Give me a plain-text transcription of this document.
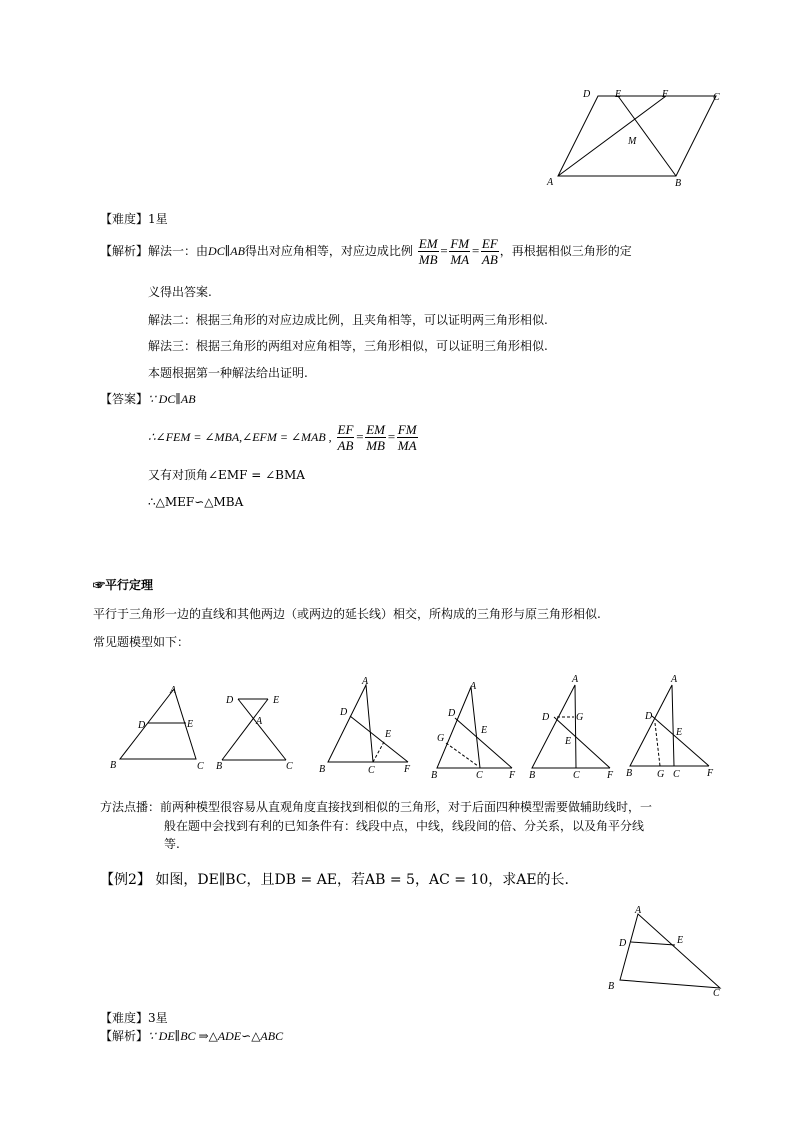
D E	F	C
M
A	B
【难度】1星
【解析】解法一：由DC∥AB得出对应角相等，对应边成比例 $\frac{EM}{MB} = \frac{FM}{MA} = \frac{EF}{AB}$ ，再根据相似三角形的定
义得出答案.
解法二：根据三角形的对应边成比例，且夹角相等，可以证明两三角形相似.
解法三：根据三角形的两组对应角相等，三角形相似，可以证明三角形相似.
本题根据第一种解法给出证明.
【答案】∵ DC∥AB
∴∠FEM = ∠MBA,∠EFM = ∠MAB , $\frac{EF}{AB} = \frac{EM}{MB} = \frac{FM}{MA}$
又有对顶角∠EMF = ∠BMA
∴△MEF∽△MBA
☞平行定理
平行于三角形一边的直线和其他两边（或两边的延长线）相交，所构成的三角形与原三角形相似.
常见题模型如下：
A
D	E
B	C
D	E
A
B	C
A
D
E
B	C	F
A
D
E
G
B	C	F
A
D	G
E
B	C	F
A
D
E
B G C	F
方法点播：前两种模型很容易从直观角度直接找到相似的三角形，对于后面四种模型需要做辅助线时，一
般在题中会找到有利的已知条件有：线段中点，中线，线段间的倍、分关系，以及角平分线
等.
【例2】 如图，DE∥BC，且DB = AE，若AB = 5，AC = 10，求AE的长.
A
D	E
B
C
【难度】3星
【解析】∵ DE∥BC ⇒△ADE∽△ABC
